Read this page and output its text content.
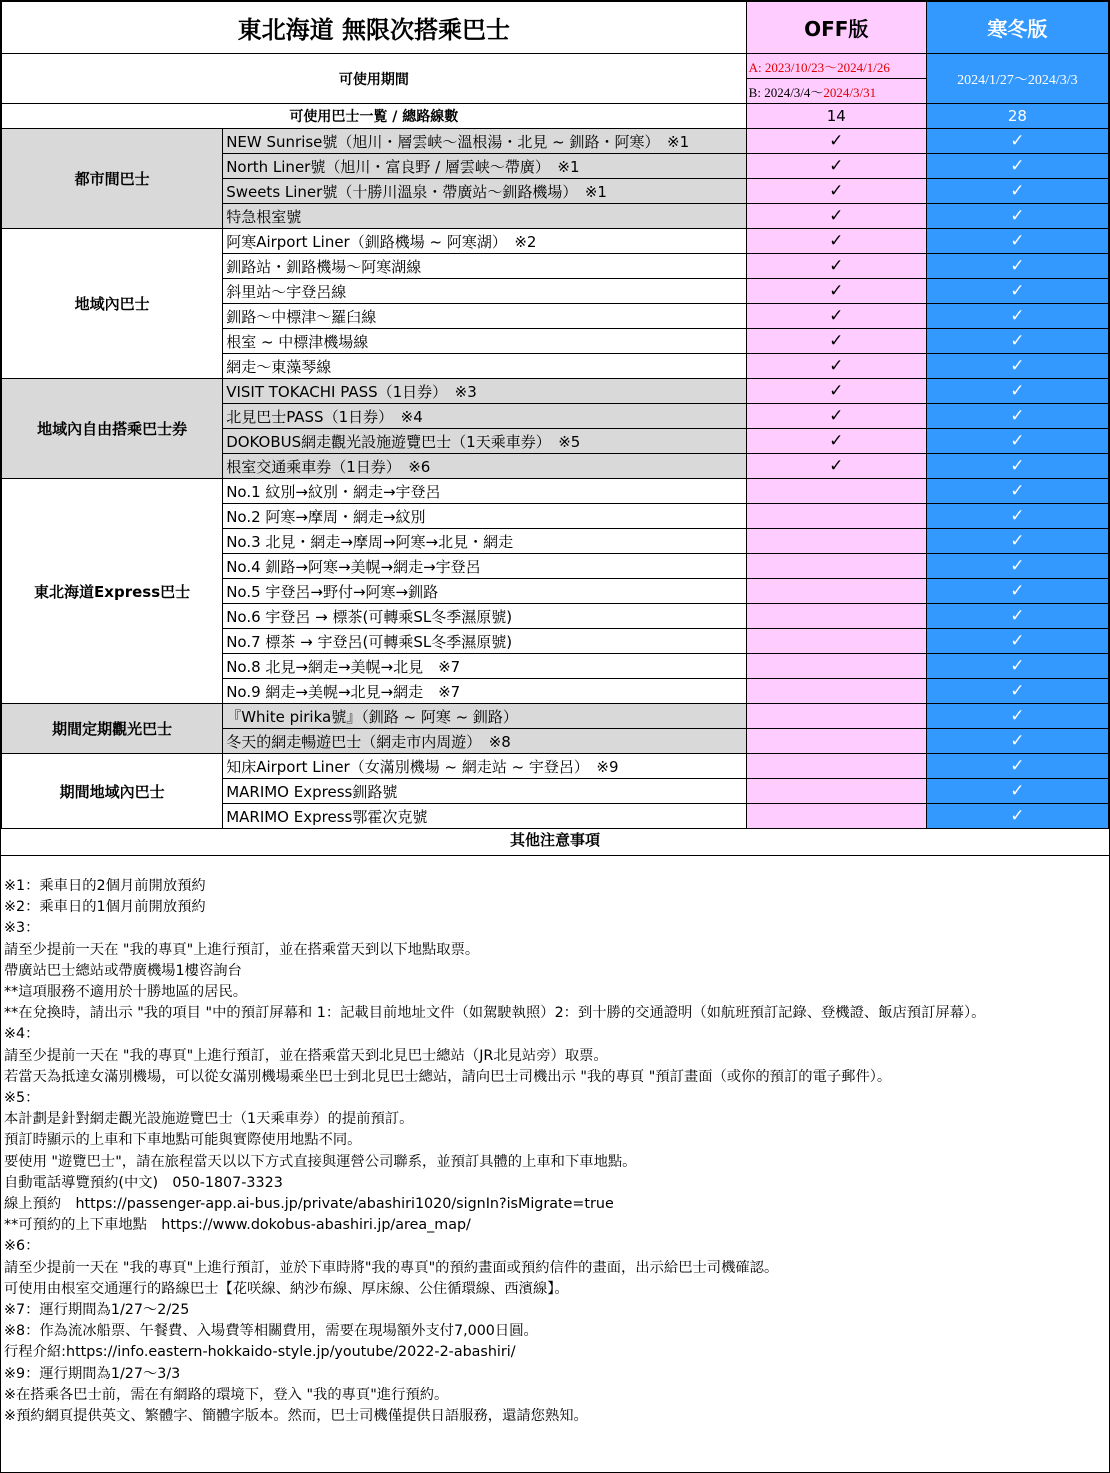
東北海道 無限次搭乘巴士		OFF版	寒冬版
可使用期間		A: 2023/10/23〜2024/1/26	2024/1/27〜2024/3/3
		B: 2024/3/4〜2024/3/31	
可使用巴士一覧 / 總路線數		14	28
都市間巴士	NEW Sunrise號（旭川・層雲峡〜溫根湯・北見 ~ 釧路・阿寒）　※1	✓	✓
	North Liner號（旭川・富良野 / 層雲峡〜帶廣）　※1	✓	✓
	Sweets Liner號（十勝川溫泉・帶廣站〜釧路機場）　※1	✓	✓
	特急根室號	✓	✓
地域內巴士	阿寒Airport Liner（釧路機場 ~ 阿寒湖）　※2	✓	✓
	釧路站・釧路機場～阿寒湖線	✓	✓
	斜里站～宇登呂線	✓	✓
	釧路～中標津～羅臼線	✓	✓
	根室 ~ 中標津機場線	✓	✓
	網走～東藻琴線	✓	✓
地域內自由搭乘巴士券	VISIT TOKACHI PASS（1日券）　※3	✓	✓
	北見巴士PASS（1日券）　※4	✓	✓
	DOKOBUS網走觀光設施遊覽巴士（1天乘車券）　※5	✓	✓
	根室交通乘車券（1日券）　※6	✓	✓
東北海道Express巴士	No.1 紋別→紋別・網走→宇登呂		✓
	No.2 阿寒→摩周・網走→紋別		✓
	No.3 北見・網走→摩周→阿寒→北見・網走		✓
	No.4 釧路→阿寒→美幌→網走→宇登呂		✓
	No.5 宇登呂→野付→阿寒→釧路		✓
	No.6 宇登呂 → 標茶(可轉乘SL冬季濕原號)		✓
	No.7 標茶 → 宇登呂(可轉乘SL冬季濕原號)		✓
	No.8 北見→網走→美幌→北見　※7		✓
	No.9 網走→美幌→北見→網走　※7		✓
期間定期觀光巴士	『White pirika號』（釧路 ~ 阿寒 ~ 釧路）		✓
	冬天的網走暢遊巴士（網走市内周遊）　※8		✓
期間地域內巴士	知床Airport Liner（女滿別機場 ~ 網走站 ~ 宇登呂）　※9		✓
	MARIMO Express釧路號		✓
	MARIMO Express鄂霍次克號		✓
其他注意事項
※1：乘車日的2個月前開放預約
※2：乘車日的1個月前開放預約
※3：
請至少提前一天在 "我的專頁"上進行預訂，並在搭乘當天到以下地點取票。
帶廣站巴士總站或帶廣機場1樓咨詢台
**這項服務不適用於十勝地區的居民。
**在兌換時，請出示 "我的項目 "中的預訂屏幕和 1：記載目前地址文件（如駕駛執照）2：到十勝的交通證明（如航班預訂記錄、登機證、飯店預訂屏幕）。
※4：
請至少提前一天在 "我的專頁"上進行預訂，並在搭乘當天到北見巴士總站（JR北見站旁）取票。
若當天為抵達女滿別機場，可以從女滿別機場乘坐巴士到北見巴士總站，請向巴士司機出示 "我的專頁 "預訂畫面（或你的預訂的電子郵件）。
※5：
本計劃是針對網走觀光設施遊覽巴士（1天乘車券）的提前預訂。
預訂時顯示的上車和下車地點可能與實際使用地點不同。
要使用 "遊覽巴士"，請在旅程當天以以下方式直接與運營公司聯系，並預訂具體的上車和下車地點。
自動電話導覽預約(中文)　050-1807-3323
線上預約　https://passenger-app.ai-bus.jp/private/abashiri1020/signIn?isMigrate=true
**可預約的上下車地點　https://www.dokobus-abashiri.jp/area_map/
※6：
請至少提前一天在 "我的專頁"上進行預訂，並於下車時將"我的專頁"的預約畫面或預約信件的畫面，出示給巴士司機確認。
可使用由根室交通運行的路線巴士【花咲線、納沙布線、厚床線、公住循環線、西濱線】。
※7：運行期間為1/27～2/25
※8：作為流冰船票、午餐費、入場費等相關費用，需要在現場額外支付7,000日圓。
行程介紹:https://info.eastern-hokkaido-style.jp/youtube/2022-2-abashiri/
※9：運行期間為1/27～3/3
※在搭乘各巴士前，需在有網路的環境下，登入 "我的專頁"進行預約。
※預約網頁提供英文、繁體字、簡體字版本。然而，巴士司機僅提供日語服務，還請您熟知。
